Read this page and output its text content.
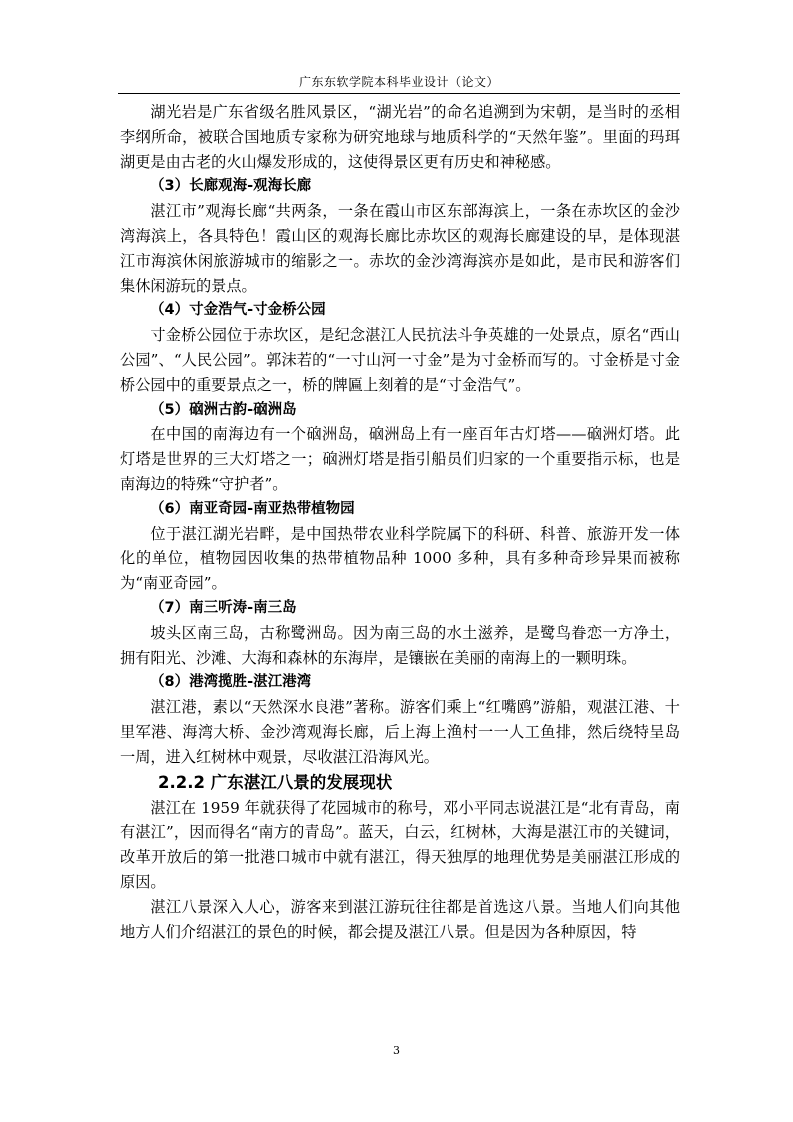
广东东软学院本科毕业设计（论文）

湖光岩是广东省级名胜风景区，“湖光岩”的命名追溯到为宋朝，是当时的丞相李纲所命，被联合国地质专家称为研究地球与地质科学的“天然年鉴”。里面的玛珥湖更是由古老的火山爆发形成的，这使得景区更有历史和神秘感。

（3）长廊观海-观海长廊

湛江市”观海长廊“共两条，一条在霞山市区东部海滨上，一条在赤坎区的金沙湾海滨上，各具特色！霞山区的观海长廊比赤坎区的观海长廊建设的早，是体现湛江市海滨休闲旅游城市的缩影之一。赤坎的金沙湾海滨亦是如此，是市民和游客们集休闲游玩的景点。

（4）寸金浩气-寸金桥公园

寸金桥公园位于赤坎区，是纪念湛江人民抗法斗争英雄的一处景点，原名“西山公园”、“人民公园”。郭沫若的“一寸山河一寸金”是为寸金桥而写的。寸金桥是寸金桥公园中的重要景点之一，桥的牌匾上刻着的是“寸金浩气”。

（5）硇洲古韵-硇洲岛

在中国的南海边有一个硇洲岛，硇洲岛上有一座百年古灯塔——硇洲灯塔。此灯塔是世界的三大灯塔之一；硇洲灯塔是指引船员们归家的一个重要指示标，也是南海边的特殊“守护者”。

（6）南亚奇园-南亚热带植物园

位于湛江湖光岩畔，是中国热带农业科学院属下的科研、科普、旅游开发一体化的单位，植物园因收集的热带植物品种 1000 多种，具有多种奇珍异果而被称为“南亚奇园”。

（7）南三听涛-南三岛

坡头区南三岛，古称鹭洲岛。因为南三岛的水土滋养，是鹭鸟眷恋一方净土，拥有阳光、沙滩、大海和森林的东海岸，是镶嵌在美丽的南海上的一颗明珠。

（8）港湾揽胜-湛江港湾

湛江港，素以“天然深水良港”著称。游客们乘上“红嘴鸥”游船，观湛江港、十里军港、海湾大桥、金沙湾观海长廊，后上海上渔村一一人工鱼排，然后绕特呈岛一周，进入红树林中观景，尽收湛江沿海风光。

2.2.2 广东湛江八景的发展现状

湛江在 1959 年就获得了花园城市的称号，邓小平同志说湛江是“北有青岛，南有湛江”，因而得名“南方的青岛”。蓝天，白云，红树林，大海是湛江市的关键词，改革开放后的第一批港口城市中就有湛江，得天独厚的地理优势是美丽湛江形成的原因。

湛江八景深入人心，游客来到湛江游玩往往都是首选这八景。当地人们向其他地方人们介绍湛江的景色的时候，都会提及湛江八景。但是因为各种原因，特

3
